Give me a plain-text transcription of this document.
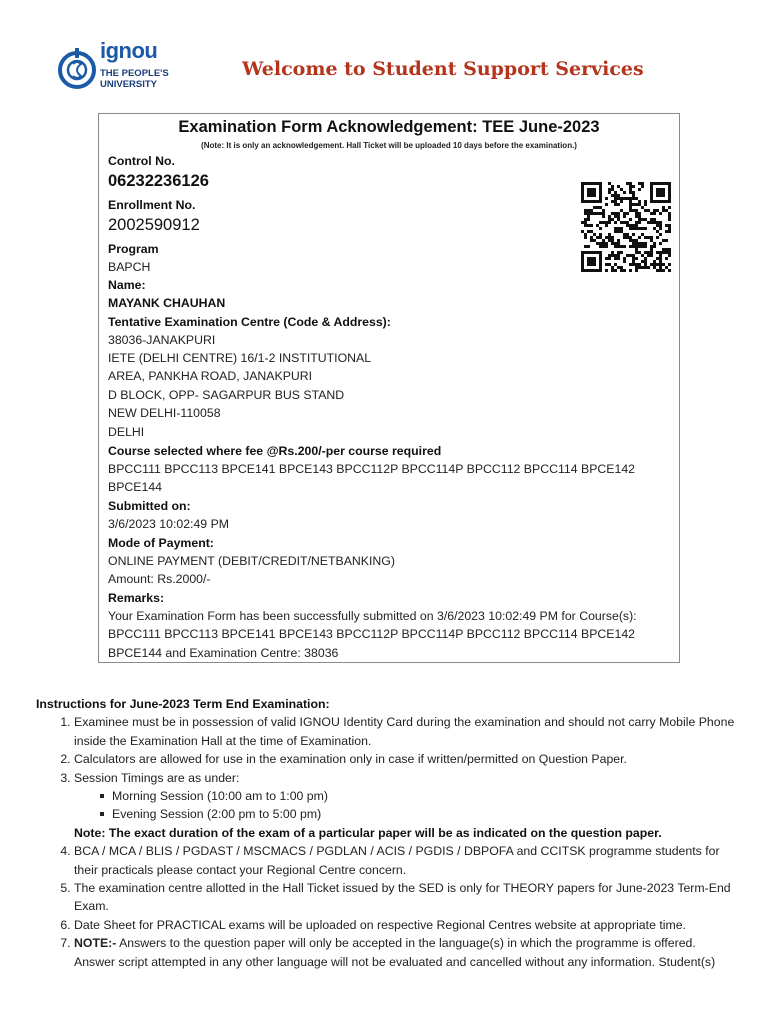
ignou
THE PEOPLE'S
UNIVERSITY
Welcome to Student Support Services
Examination Form Acknowledgement: TEE June-2023
(Note: It is only an acknowledgement. Hall Ticket will be uploaded 10 days before the examination.)
Control No.
06232236126
Enrollment No.
2002590912
Program
BAPCH
Name:
MAYANK CHAUHAN
Tentative Examination Centre (Code & Address):
38036-JANAKPURI
IETE (DELHI CENTRE) 16/1-2 INSTITUTIONAL
AREA, PANKHA ROAD, JANAKPURI
D BLOCK, OPP- SAGARPUR BUS STAND
NEW DELHI-110058
DELHI
Course selected where fee @Rs.200/-per course required
BPCC111 BPCC113 BPCE141 BPCE143 BPCC112P BPCC114P BPCC112 BPCC114 BPCE142
BPCE144
Submitted on:
3/6/2023 10:02:49 PM
Mode of Payment:
ONLINE PAYMENT (DEBIT/CREDIT/NETBANKING)
Amount: Rs.2000/-
Remarks:
Your Examination Form has been successfully submitted on 3/6/2023 10:02:49 PM for Course(s):
BPCC111 BPCC113 BPCE141 BPCE143 BPCC112P BPCC114P BPCC112 BPCC114 BPCE142
BPCE144 and Examination Centre: 38036
Instructions for June-2023 Term End Examination:
1. Examinee must be in possession of valid IGNOU Identity Card during the examination and should not carry Mobile Phone inside the Examination Hall at the time of Examination.
2. Calculators are allowed for use in the examination only in case if written/permitted on Question Paper.
3. Session Timings are as under:
Morning Session (10:00 am to 1:00 pm)
Evening Session (2:00 pm to 5:00 pm)
Note: The exact duration of the exam of a particular paper will be as indicated on the question paper.
4. BCA / MCA / BLIS / PGDAST / MSCMACS / PGDLAN / ACIS / PGDIS / DBPOFA and CCITSK programme students for their practicals please contact your Regional Centre concern.
5. The examination centre allotted in the Hall Ticket issued by the SED is only for THEORY papers for June-2023 Term-End Exam.
6. Date Sheet for PRACTICAL exams will be uploaded on respective Regional Centres website at appropriate time.
7. NOTE:- Answers to the question paper will only be accepted in the language(s) in which the programme is offered. Answer script attempted in any other language will not be evaluated and cancelled without any information. Student(s)
